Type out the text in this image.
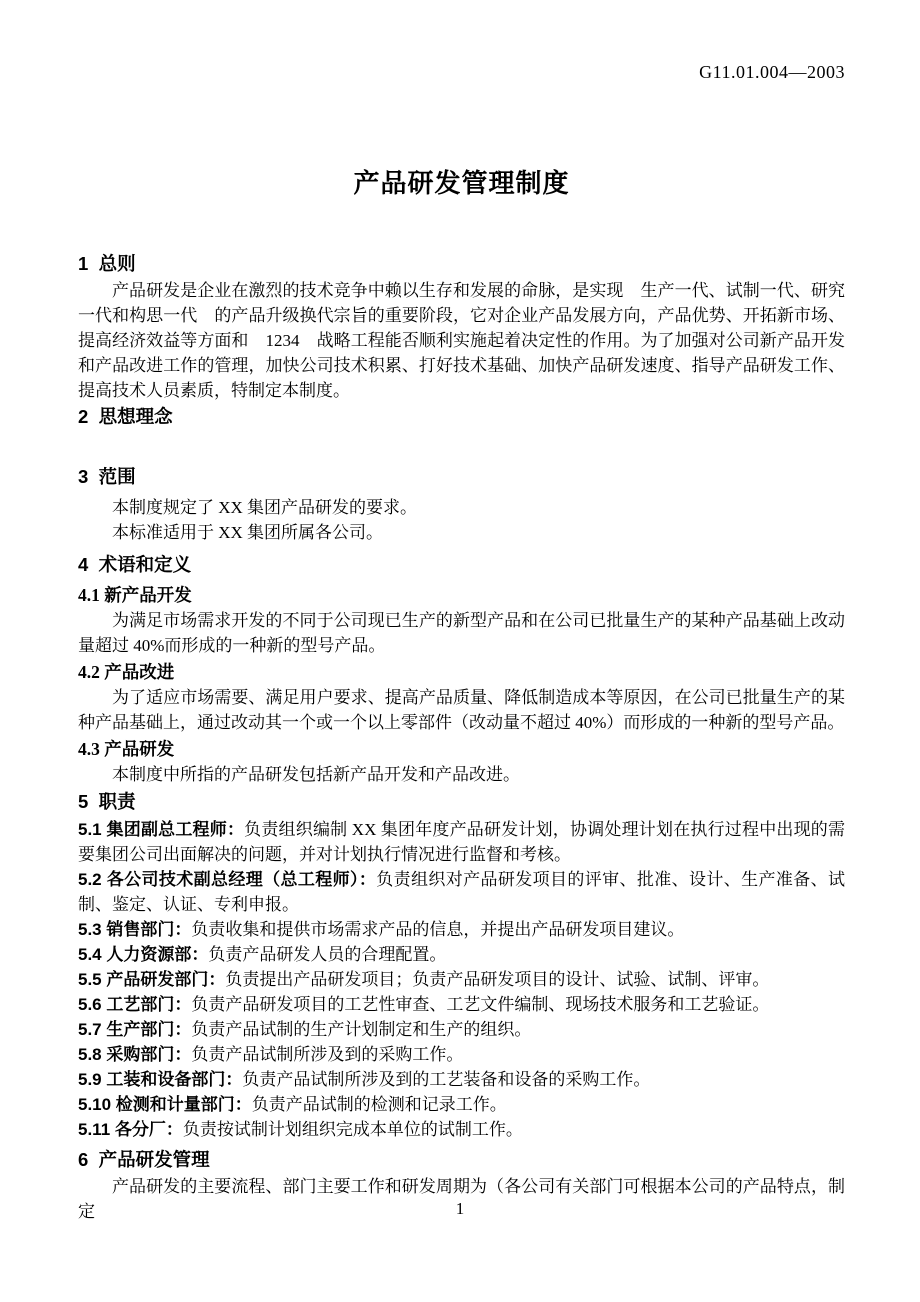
G11.01.004—2003
产品研发管理制度
1  总则

产品研发是企业在激烈的技术竞争中赖以生存和发展的命脉，是实现　生产一代、试制一代、研究一代和构思一代　的产品升级换代宗旨的重要阶段，它对企业产品发展方向，产品优势、开拓新市场、提高经济效益等方面和　1234　战略工程能否顺利实施起着决定性的作用。为了加强对公司新产品开发和产品改进工作的管理，加快公司技术积累、打好技术基础、加快产品研发速度、指导产品研发工作、提高技术人员素质，特制定本制度。

2  思想理念
3  范围

本制度规定了 XX 集团产品研发的要求。

本标准适用于 XX 集团所属各公司。

4  术语和定义
4.1 新产品开发

为满足市场需求开发的不同于公司现已生产的新型产品和在公司已批量生产的某种产品基础上改动量超过 40%而形成的一种新的型号产品。

4.2 产品改进

为了适应市场需要、满足用户要求、提高产品质量、降低制造成本等原因，在公司已批量生产的某种产品基础上，通过改动其一个或一个以上零部件（改动量不超过 40%）而形成的一种新的型号产品。

4.3 产品研发

本制度中所指的产品研发包括新产品开发和产品改进。

5  职责

5.1 集团副总工程师：负责组织编制 XX 集团年度产品研发计划，协调处理计划在执行过程中出现的需要集团公司出面解决的问题，并对计划执行情况进行监督和考核。

5.2 各公司技术副总经理（总工程师）：负责组织对产品研发项目的评审、批准、设计、生产准备、试制、鉴定、认证、专利申报。

5.3 销售部门：负责收集和提供市场需求产品的信息，并提出产品研发项目建议。

5.4 人力资源部：负责产品研发人员的合理配置。

5.5 产品研发部门：负责提出产品研发项目；负责产品研发项目的设计、试验、试制、评审。

5.6 工艺部门：负责产品研发项目的工艺性审查、工艺文件编制、现场技术服务和工艺验证。

5.7 生产部门：负责产品试制的生产计划制定和生产的组织。

5.8 采购部门：负责产品试制所涉及到的采购工作。

5.9 工装和设备部门：负责产品试制所涉及到的工艺装备和设备的采购工作。

5.10 检测和计量部门：负责产品试制的检测和记录工作。

5.11 各分厂：负责按试制计划组织完成本单位的试制工作。

6  产品研发管理

产品研发的主要流程、部门主要工作和研发周期为（各公司有关部门可根据本公司的产品特点，制定	1
